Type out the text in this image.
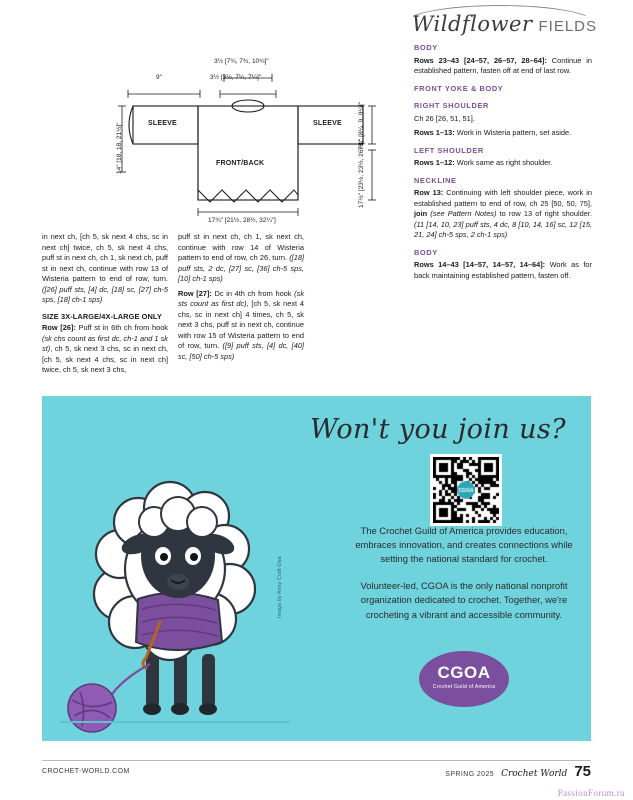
Wildflower FIELDS
3½ [7¾, 7¾, 10¾]"
9"	3½ [3½, 7¼, 7¼]"
14" [18, 18, 21½]"	7¾" [8¼, 9, 9¼]"
17½" [23½, 23½, 26½]"
17¾" [21½, 28½, 32¼"]
SLEEVE	SLEEVE
FRONT/BACK

in next ch, [ch 5, sk next 4 chs, sc in next ch] twice, ch 5, sk next 4 chs, puff st in next ch, ch 1, sk next ch, puff st in next ch, continue with row 13 of Wisteria pattern to end of row, turn. ([26] puff sts, [4] dc, [18] sc, [27] ch-5 sps, [18] ch-1 sps)

SIZE 3X-LARGE/4X-LARGE ONLY

Row [26]: Puff st in 6th ch from hook (sk chs count as first dc, ch-1 and 1 sk st), ch 5, sk next 3 chs, sc in next ch, [ch 5, sk next 4 chs, sc in next ch] twice, ch 5, sk next 3 chs,

puff st in next ch, ch 1, sk next ch, continue with row 14 of Wisteria pattern to end of row, ch 26, turn. ([18] puff sts, 2 dc, [27] sc, [36] ch-5 sps, [10] ch-1 sps)

Row [27]: Dc in 4th ch from hook (sk sts count as first dc), [ch 5, sk next 4 chs, sc in next ch] 4 times, ch 5, sk next 3 chs, puff st in next ch, continue with row 15 of Wisteria pattern to end of row, turn. ([9] puff sts, [4] dc, [40] sc, [50] ch-5 sps)

BODY

Rows 23–43 [24–57, 26–57, 28–64]: Continue in established pattern, fasten off at end of last row.

FRONT YOKE & BODY

RIGHT SHOULDER

Ch 26 [26, 51, 51].

Rows 1–13: Work in Wisteria pattern, set aside.

LEFT SHOULDER

Rows 1–12: Work same as right shoulder.

NECKLINE

Row 13: Continuing with left shoulder piece, work in established pattern to end of row, ch 25 [50, 50, 75], join (see Pattern Notes) to row 13 of right shoulder. (11 [14, 10, 23] puff sts, 4 dc, 8 [10, 14, 16] sc, 12 [15, 21, 24] ch-5 sps, 2 ch-1 sps)

BODY

Rows 14–43 [14–57, 14–57, 14–64]: Work as for back maintaining established pattern, fasten off.

Image by Artsy Craft-Dea
Won't you join us?

The Crochet Guild of America provides education, embraces innovation, and creates connections while setting the national standard for crochet.

Volunteer-led, CGOA is the only national nonprofit organization dedicated to crochet. Together, we're crocheting a vibrant and accessible community.

CGOA
Crochet Guild of America
CROCHET-WORLD.COM	SPRING 2025 Crochet World 75
PassionForum.ru
